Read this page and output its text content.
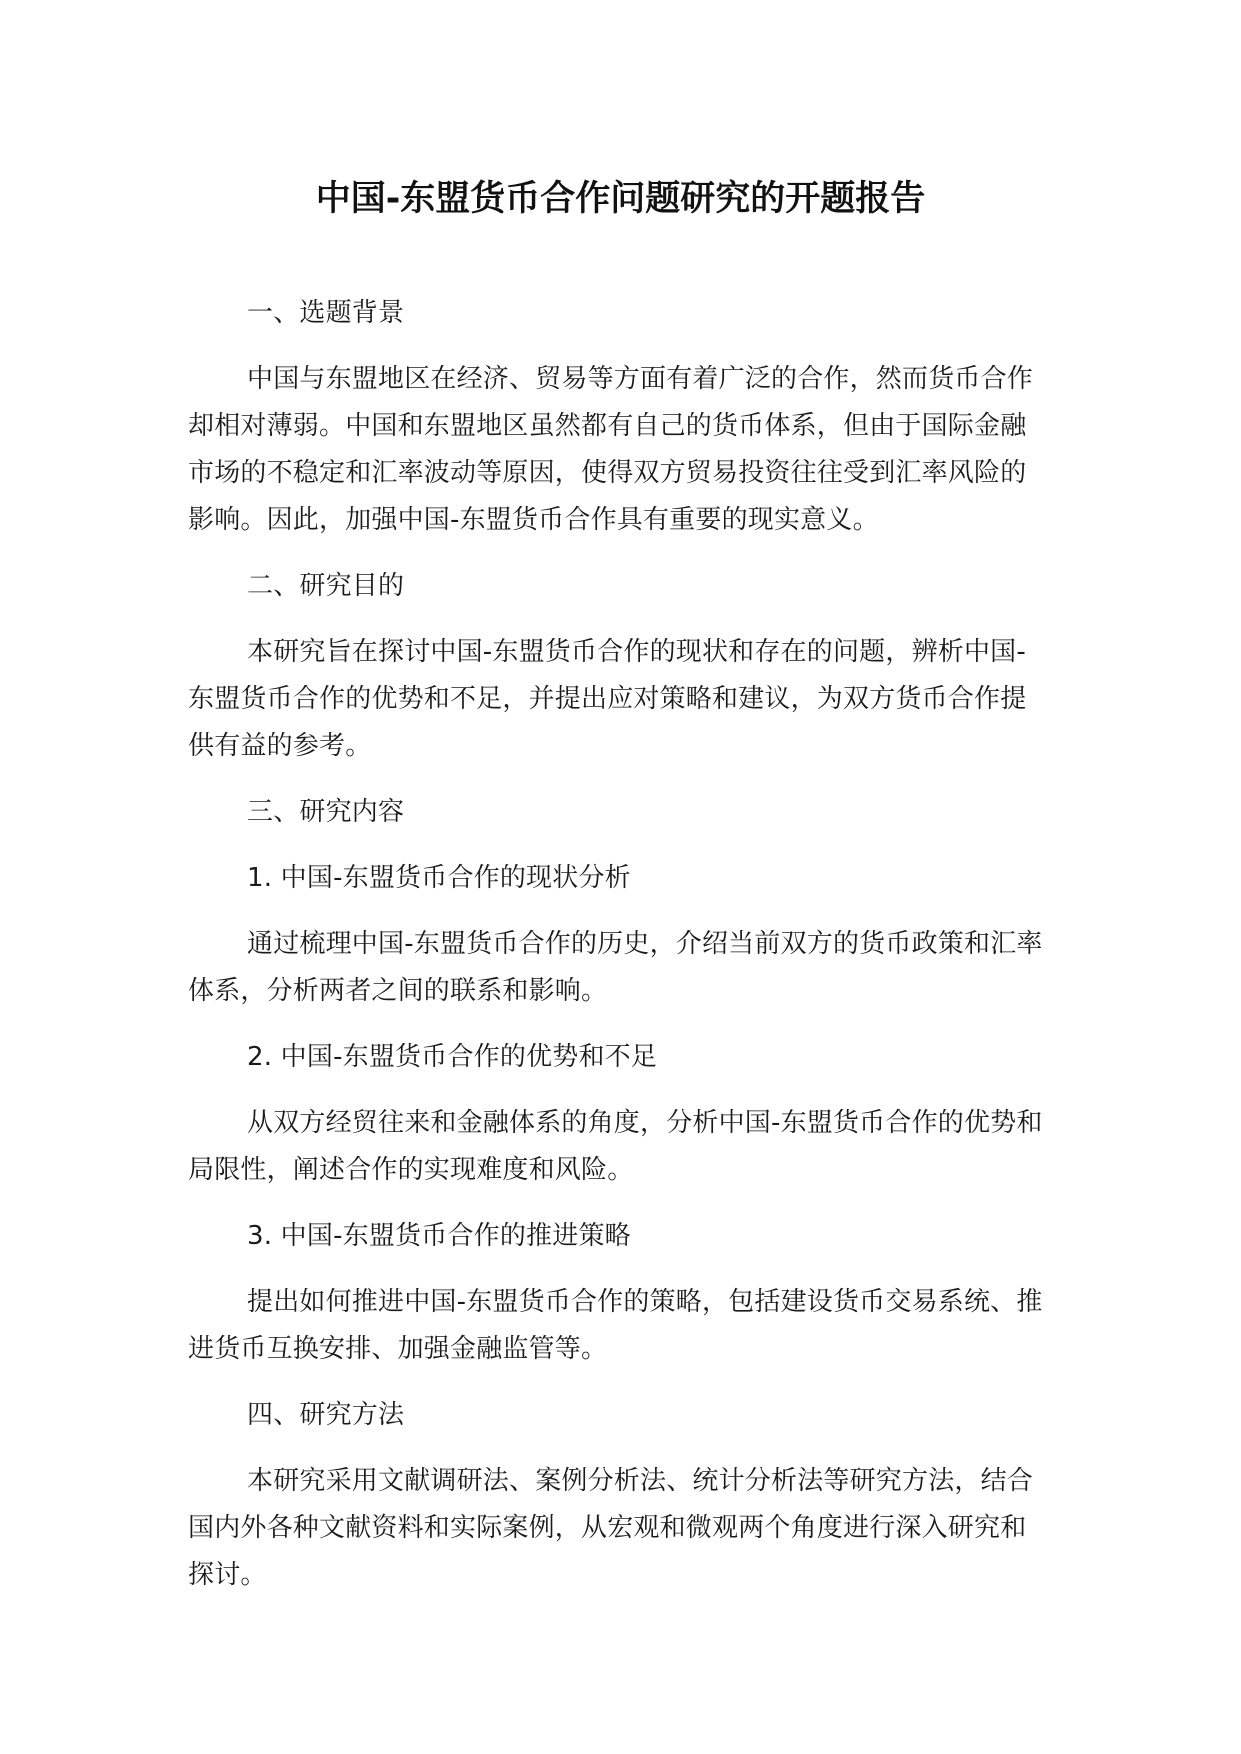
中国-东盟货币合作问题研究的开题报告

一、选题背景

中国与东盟地区在经济、贸易等方面有着广泛的合作，然而货币合作却相对薄弱。中国和东盟地区虽然都有自己的货币体系，但由于国际金融市场的不稳定和汇率波动等原因，使得双方贸易投资往往受到汇率风险的影响。因此，加强中国-东盟货币合作具有重要的现实意义。

二、研究目的

本研究旨在探讨中国-东盟货币合作的现状和存在的问题，辨析中国-东盟货币合作的优势和不足，并提出应对策略和建议，为双方货币合作提供有益的参考。

三、研究内容

1. 中国-东盟货币合作的现状分析

通过梳理中国-东盟货币合作的历史，介绍当前双方的货币政策和汇率体系，分析两者之间的联系和影响。

2. 中国-东盟货币合作的优势和不足

从双方经贸往来和金融体系的角度，分析中国-东盟货币合作的优势和局限性，阐述合作的实现难度和风险。

3. 中国-东盟货币合作的推进策略

提出如何推进中国-东盟货币合作的策略，包括建设货币交易系统、推进货币互换安排、加强金融监管等。

四、研究方法

本研究采用文献调研法、案例分析法、统计分析法等研究方法，结合国内外各种文献资料和实际案例，从宏观和微观两个角度进行深入研究和探讨。
